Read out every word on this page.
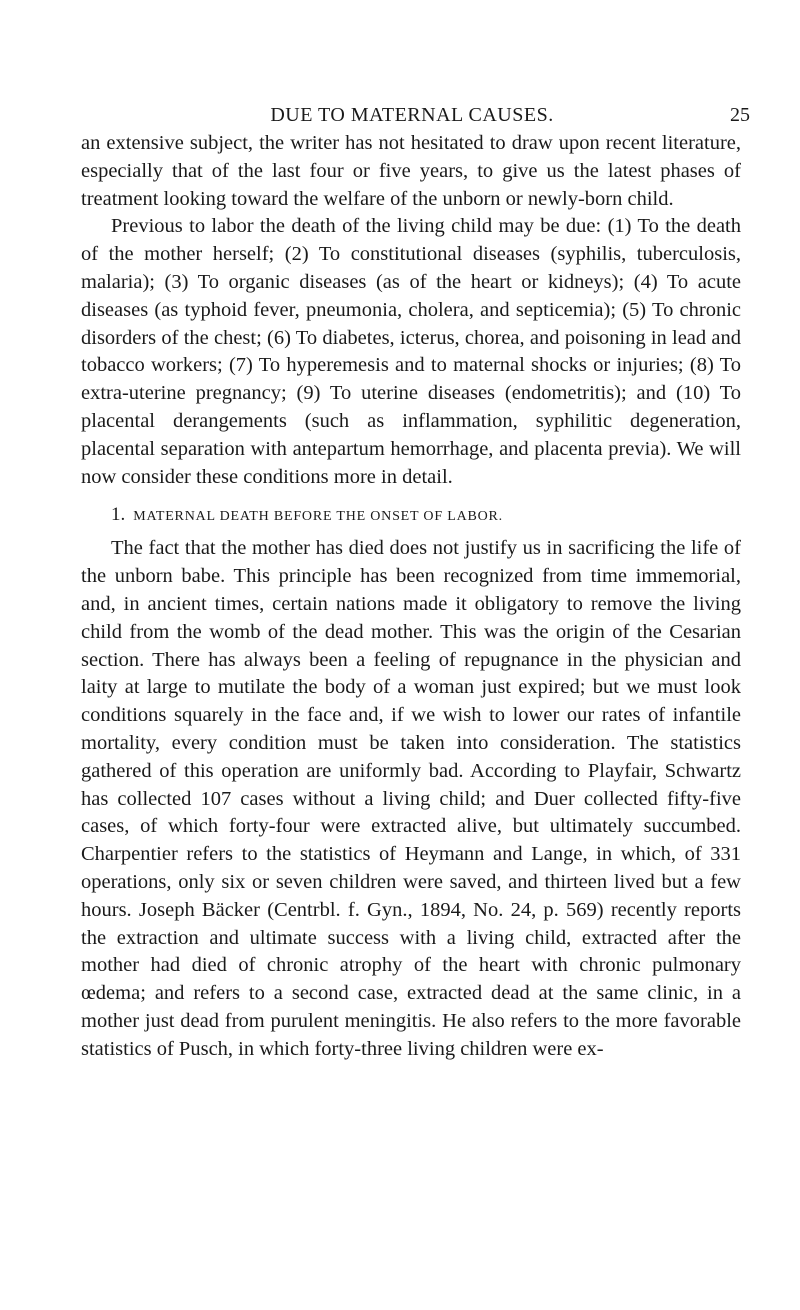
DUE TO MATERNAL CAUSES.	25

an extensive subject, the writer has not hesitated to draw upon recent literature, especially that of the last four or five years, to give us the latest phases of treatment looking toward the welfare of the unborn or newly-born child.

Previous to labor the death of the living child may be due: (1) To the death of the mother herself; (2) To constitutional diseases (syphilis, tuberculosis, malaria); (3) To organic diseases (as of the heart or kidneys); (4) To acute diseases (as typhoid fever, pneumonia, cholera, and septicemia); (5) To chronic disorders of the chest; (6) To diabetes, icterus, chorea, and poisoning in lead and tobacco workers; (7) To hyperemesis and to maternal shocks or injuries; (8) To extra-uterine pregnancy; (9) To uterine diseases (endometritis); and (10) To placental derangements (such as inflammation, syphilitic degeneration, placental separation with antepartum hemorrhage, and placenta previa). We will now consider these conditions more in detail.

1. MATERNAL DEATH BEFORE THE ONSET OF LABOR.

The fact that the mother has died does not justify us in sacrificing the life of the unborn babe. This principle has been recognized from time immemorial, and, in ancient times, certain nations made it obligatory to remove the living child from the womb of the dead mother. This was the origin of the Cesarian section. There has always been a feeling of repugnance in the physician and laity at large to mutilate the body of a woman just expired; but we must look conditions squarely in the face and, if we wish to lower our rates of infantile mortality, every condition must be taken into consideration. The statistics gathered of this operation are uniformly bad. According to Playfair, Schwartz has collected 107 cases without a living child; and Duer collected fifty-five cases, of which forty-four were extracted alive, but ultimately succumbed. Charpentier refers to the statistics of Heymann and Lange, in which, of 331 operations, only six or seven children were saved, and thirteen lived but a few hours. Joseph Bäcker (Centrbl. f. Gyn., 1894, No. 24, p. 569) recently reports the extraction and ultimate success with a living child, extracted after the mother had died of chronic atrophy of the heart with chronic pulmonary œdema; and refers to a second case, extracted dead at the same clinic, in a mother just dead from purulent meningitis. He also refers to the more favorable statistics of Pusch, in which forty-three living children were ex-
